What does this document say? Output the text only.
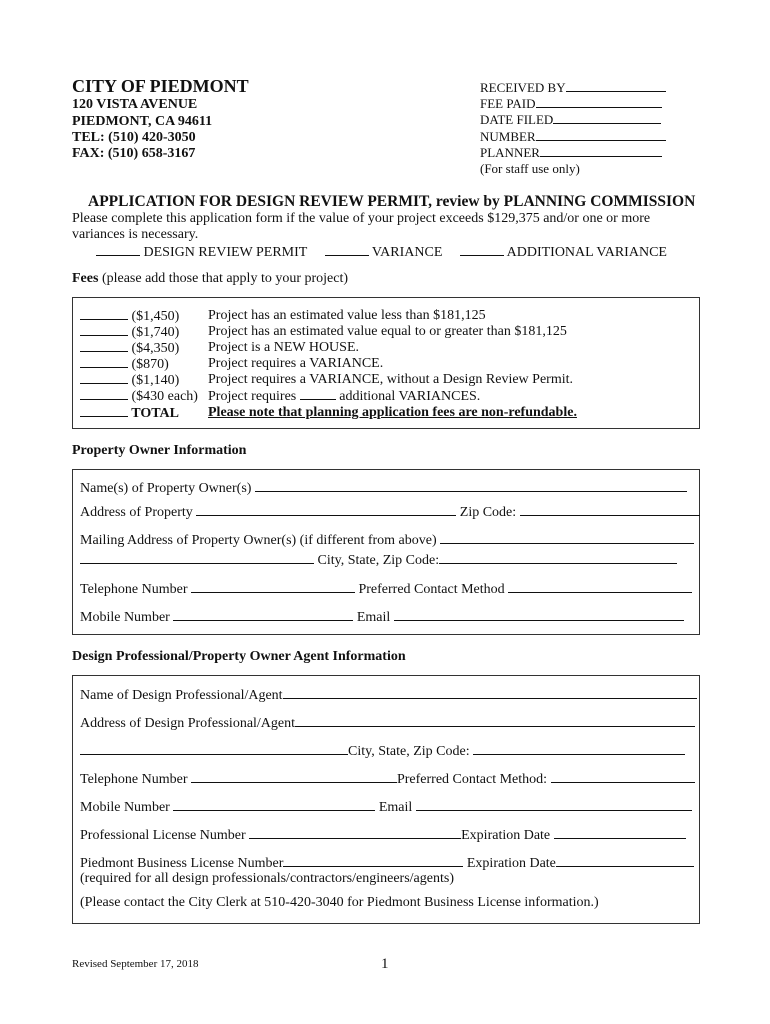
CITY OF PIEDMONT
120 VISTA AVENUE
PIEDMONT, CA 94611
TEL: (510) 420-3050
FAX: (510) 658-3167
RECEIVED BY
FEE PAID
DATE FILED
NUMBER
PLANNER
(For staff use only)
APPLICATION FOR DESIGN REVIEW PERMIT, review by PLANNING COMMISSION
Please complete this application form if the value of your project exceeds $129,375 and/or one or more
variances is necessary.
DESIGN REVIEW PERMIT	VARIANCE	ADDITIONAL VARIANCE
Fees (please add those that apply to your project)
($1,450) Project has an estimated value less than $181,125
($1,740) Project has an estimated value equal to or greater than $181,125
($4,350) Project is a NEW HOUSE.
($870)	Project requires a VARIANCE.
($1,140) Project requires a VARIANCE, without a Design Review Permit.
($430 each) Project requires	additional VARIANCES.
TOTAL Please note that planning application fees are non-refundable.
Property Owner Information
Name(s) of Property Owner(s)
Address of Property	Zip Code:
Mailing Address of Property Owner(s) (if different from above)
City, State, Zip Code:
Telephone Number	Preferred Contact Method
Mobile Number	Email
Design Professional/Property Owner Agent Information
Name of Design Professional/Agent
Address of Design Professional/Agent
City, State, Zip Code:
Telephone Number	Preferred Contact Method:
Mobile Number	Email
Professional License Number	Expiration Date
Piedmont Business License Number	Expiration Date
(required for all design professionals/contractors/engineers/agents)
(Please contact the City Clerk at 510-420-3040 for Piedmont Business License information.)
Revised September 17, 2018	1
